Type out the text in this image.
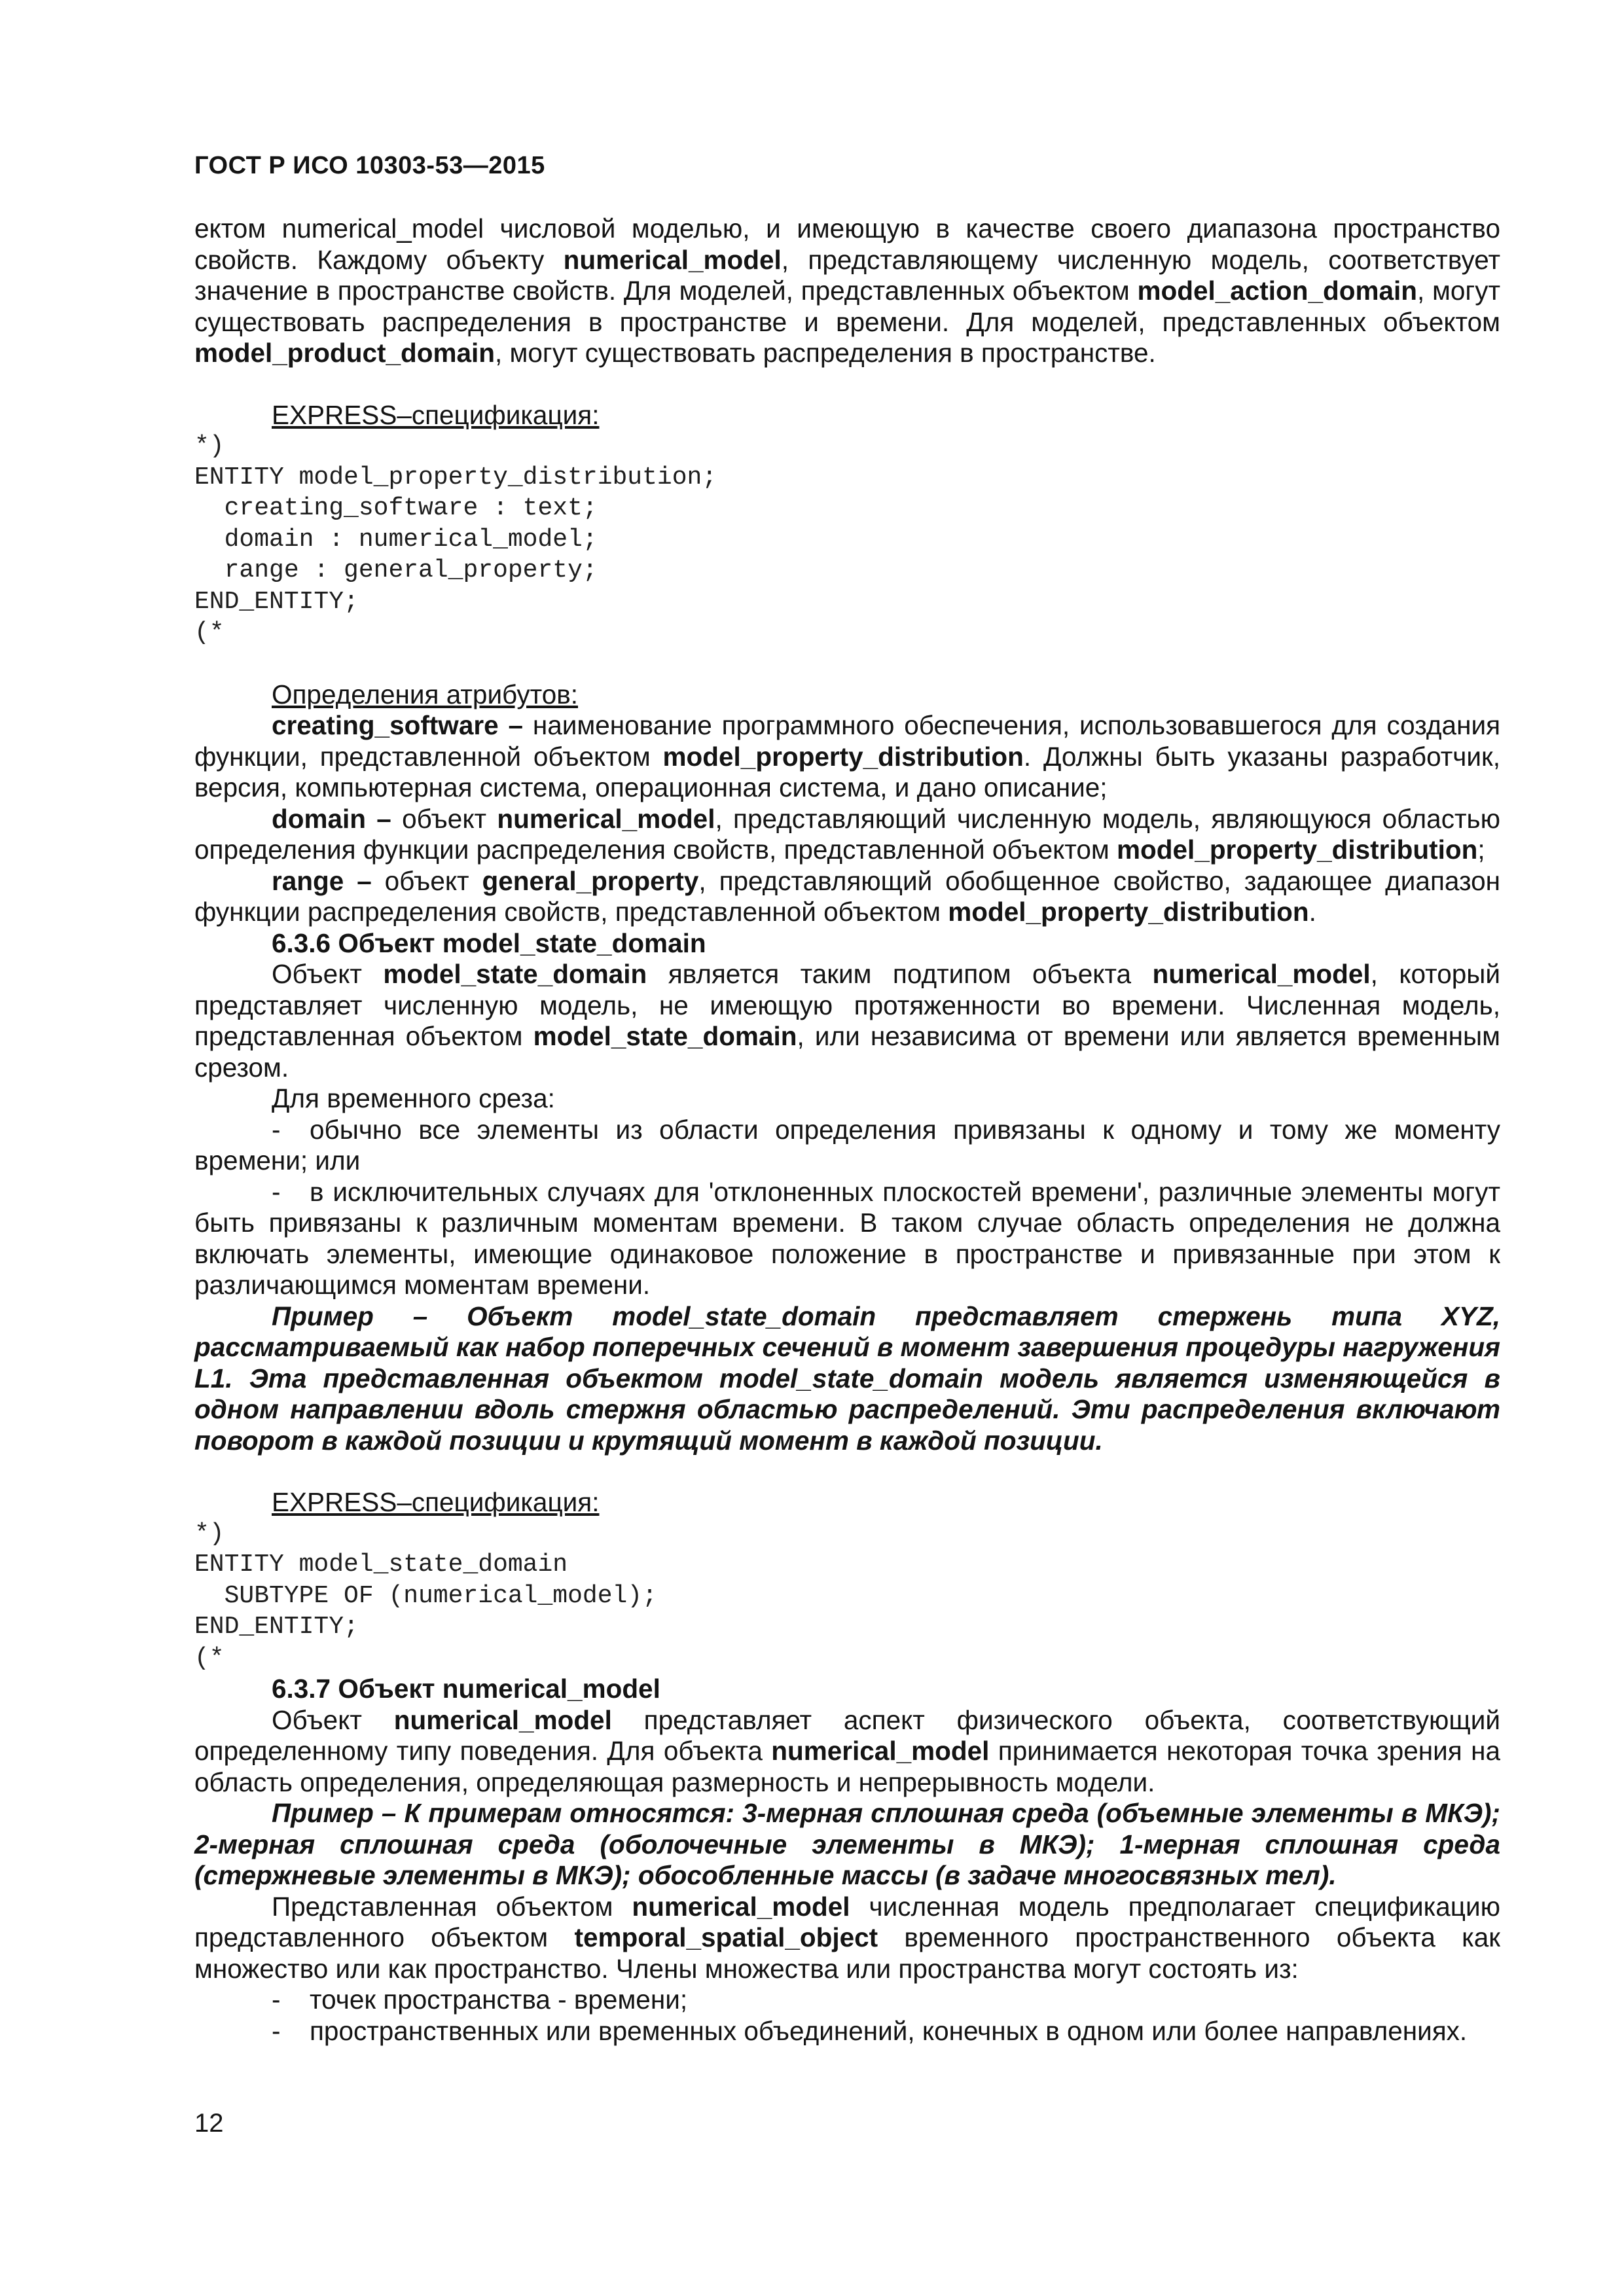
ГОСТ Р ИСО 10303-53—2015

ектом numerical_model числовой моделью, и имеющую в качестве своего диапазона пространство свойств. Каждому объекту numerical_model, представляющему численную модель, соответствует значение в пространстве свойств. Для моделей, представленных объектом model_action_domain, могут существовать распределения в пространстве и времени. Для моделей, представленных объектом model_product_domain, могут существовать распределения в пространстве.

EXPRESS–спецификация:

*)
ENTITY model_property_distribution;
creating_software : text;
domain : numerical_model;
range : general_property;
END_ENTITY;
(*

Определения атрибутов:

creating_software – наименование программного обеспечения, использовавшегося для создания функции, представленной объектом model_property_distribution. Должны быть указаны разработчик, версия, компьютерная система, операционная система, и дано описание;

domain – объект numerical_model, представляющий численную модель, являющуюся областью определения функции распределения свойств, представленной объектом model_property_distribution;

range – объект general_property, представляющий обобщенное свойство, задающее диапазон функции распределения свойств, представленной объектом model_property_distribution.

6.3.6 Объект model_state_domain

Объект model_state_domain является таким подтипом объекта numerical_model, который представляет численную модель, не имеющую протяженности во времени. Численная модель, представленная объектом model_state_domain, или независима от времени или является временным срезом.

Для временного среза:

- обычно все элементы из области определения привязаны к одному и тому же моменту времени; или

- в исключительных случаях для 'отклоненных плоскостей времени', различные элементы могут быть привязаны к различным моментам времени. В таком случае область определения не должна включать элементы, имеющие одинаковое положение в пространстве и привязанные при этом к различающимся моментам времени.

Пример – Объект model_state_domain представляет стержень типа XYZ, рассматриваемый как набор поперечных сечений в момент завершения процедуры нагружения L1. Эта представленная объектом model_state_domain модель является изменяющейся в одном направлении вдоль стержня областью распределений. Эти распределения включают поворот в каждой позиции и крутящий момент в каждой позиции.

EXPRESS–спецификация:

*)
ENTITY model_state_domain
SUBTYPE OF (numerical_model);
END_ENTITY;
(*

6.3.7 Объект numerical_model

Объект numerical_model представляет аспект физического объекта, соответствующий определенному типу поведения. Для объекта numerical_model принимается некоторая точка зрения на область определения, определяющая размерность и непрерывность модели.

Пример – К примерам относятся: 3-мерная сплошная среда (объемные элементы в МКЭ); 2-мерная сплошная среда (оболочечные элементы в МКЭ); 1-мерная сплошная среда (стержневые элементы в МКЭ); обособленные массы (в задаче многосвязных тел).

Представленная объектом numerical_model численная модель предполагает спецификацию представленного объектом temporal_spatial_object временного пространственного объекта как множество или как пространство. Члены множества или пространства могут состоять из:

-	точек пространства - времени;
-	пространственных или временных объединений, конечных в одном или более направлениях.
12
